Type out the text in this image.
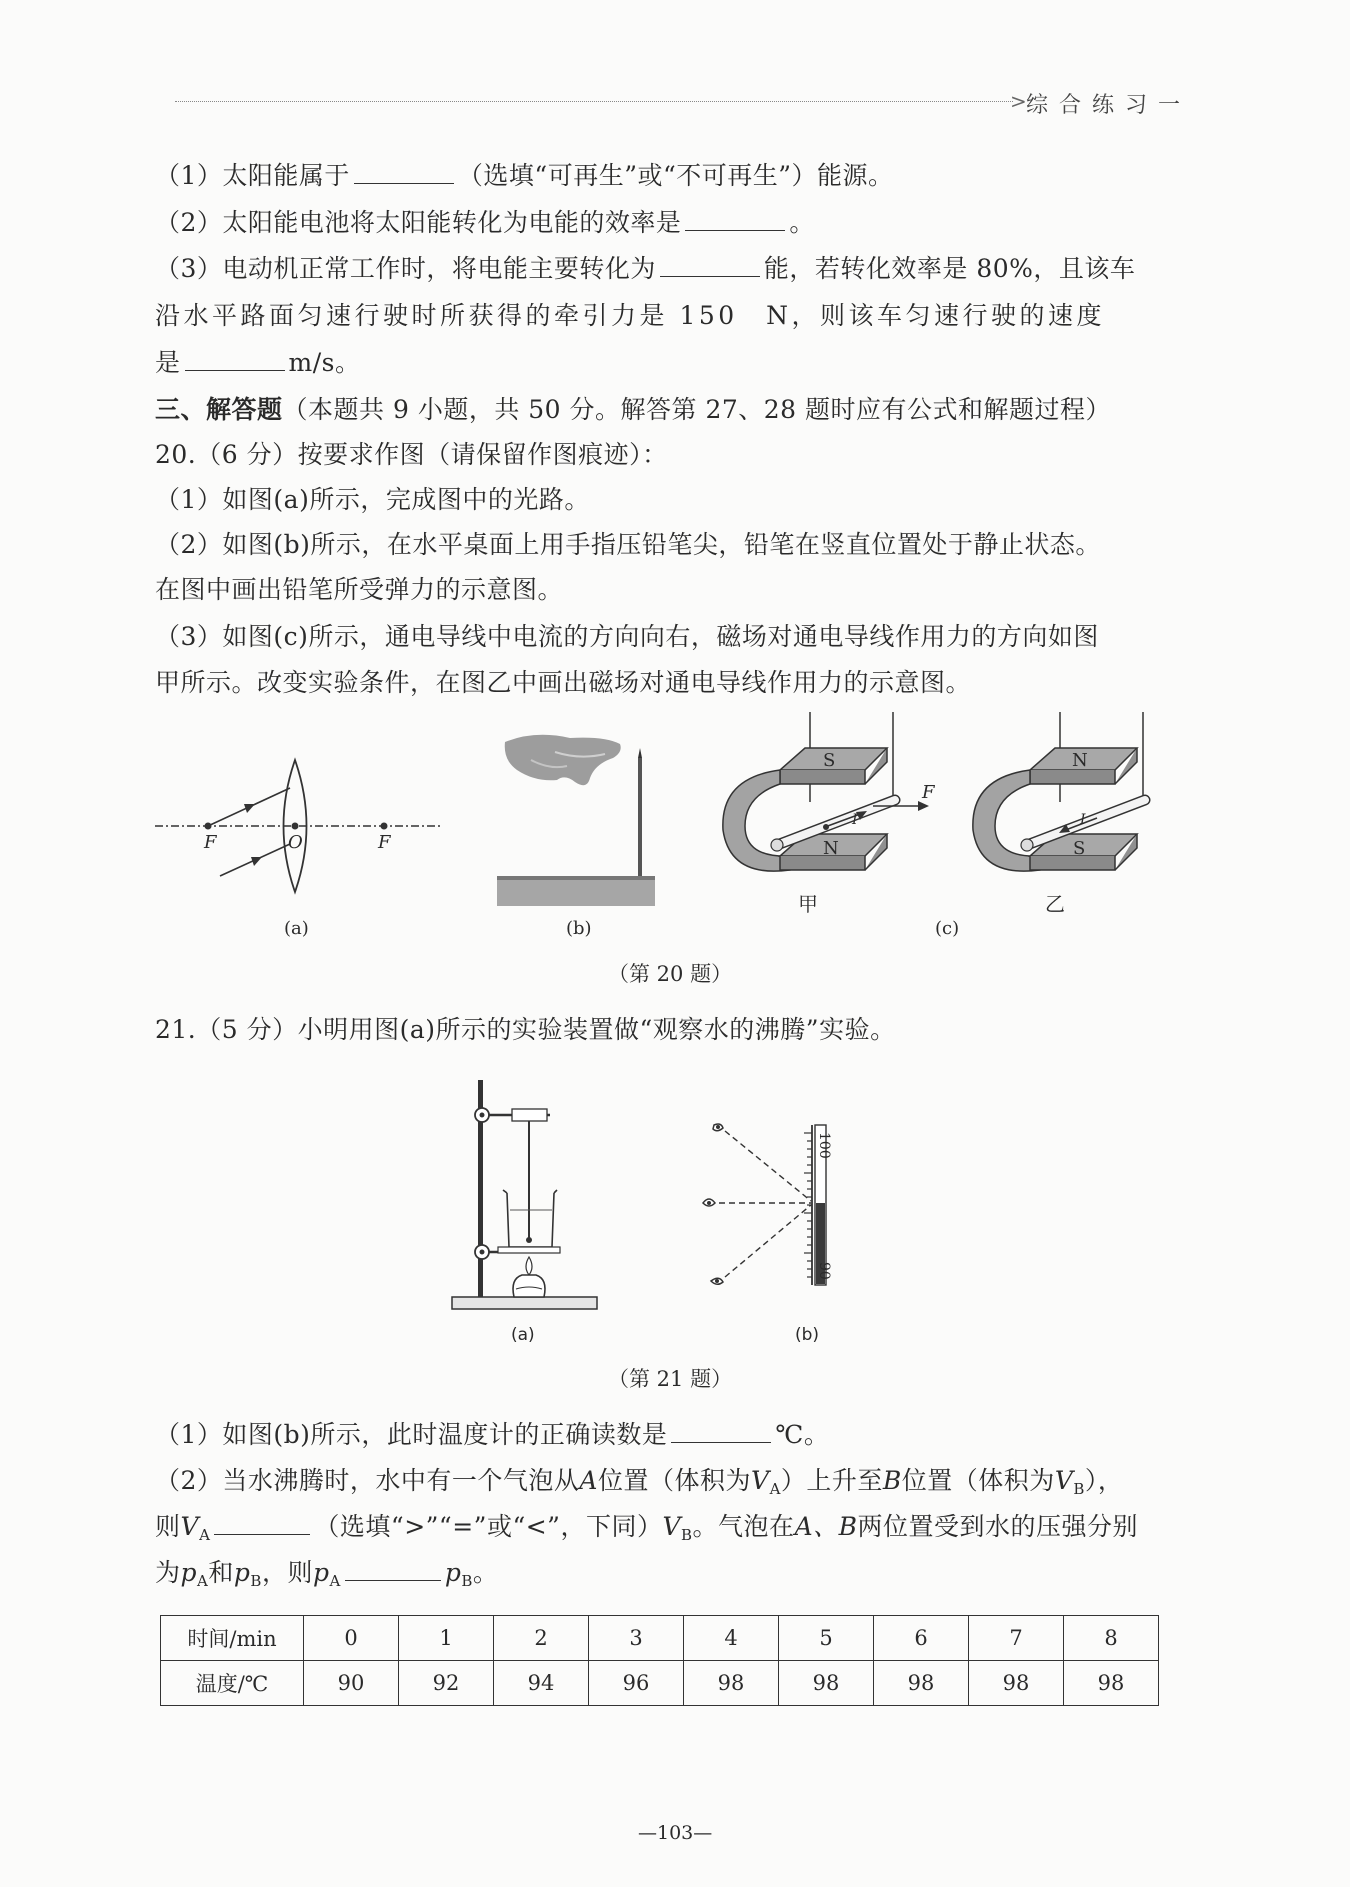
> 综 合 练 习 一
（1）太阳能属于	（选填“可再生”或“不可再生”）能源。
（2）太阳能电池将太阳能转化为电能的效率是	。
（3）电动机正常工作时，将电能主要转化为	能，若转化效率是 80%，且该车
沿水平路面匀速行驶时所获得的牵引力是 150　N，则该车匀速行驶的速度
是	m/s。
三、解答题（本题共 9 小题，共 50 分。解答第 27、28 题时应有公式和解题过程）
20.（6 分）按要求作图（请保留作图痕迹）：
（1）如图(a)所示，完成图中的光路。
（2）如图(b)所示，在水平桌面上用手指压铅笔尖，铅笔在竖直位置处于静止状态。
在图中画出铅笔所受弹力的示意图。
（3）如图(c)所示，通电导线中电流的方向向右，磁场对通电导线作用力的方向如图
甲所示。改变实验条件，在图乙中画出磁场对通电导线作用力的示意图。
F	O	F
(a)	(b)
S
N
I
F
甲
N
S
I
乙
(c)
（第 20 题）
21.（5 分）小明用图(a)所示的实验装置做“观察水的沸腾”实验。
(a)
100
90
(b)
（第 21 题）
（1）如图(b)所示，此时温度计的正确读数是	℃。
（2）当水沸腾时，水中有一个气泡从A位置（体积为$V_A$）上升至B位置（体积为$V_B$），
则$V_A$	（选填“>”“=”或“<”，下同）$V_B$。气泡在A、B两位置受到水的压强分别
为$p_A$和$p_B$，则$p_A$	$p_B$。
时间/min	0	1	2	3	4	5	6	7	8
温度/℃	90	92	94	96	98	98	98	98	98
—103—
